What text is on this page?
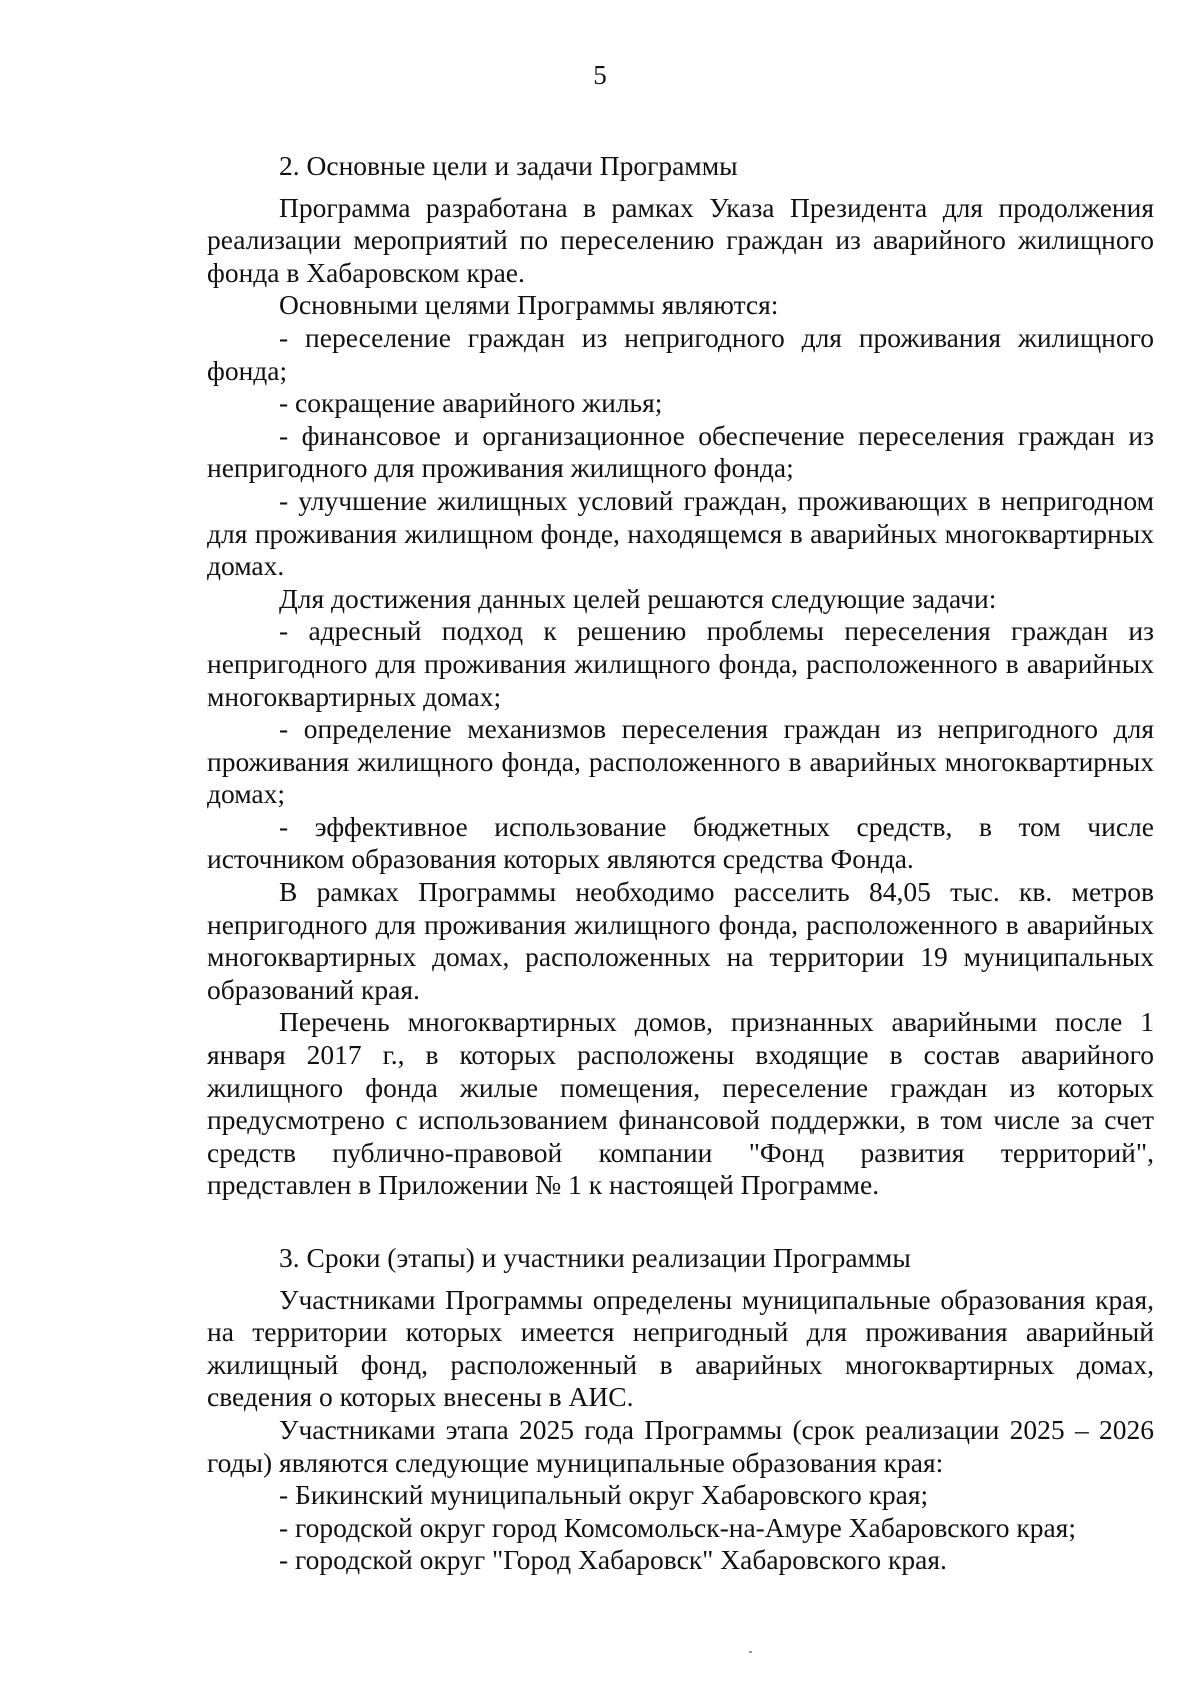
5

2. Основные цели и задачи Программы

Программа разработана в рамках Указа Президента для продолжения реализации мероприятий по переселению граждан из аварийного жилищного фонда в Хабаровском крае.

Основными целями Программы являются:

- переселение граждан из непригодного для проживания жилищного фонда;

- сокращение аварийного жилья;

- финансовое и организационное обеспечение переселения граждан из непригодного для проживания жилищного фонда;

- улучшение жилищных условий граждан, проживающих в непригодном для проживания жилищном фонде, находящемся в аварийных многоквартирных домах.

Для достижения данных целей решаются следующие задачи:

- адресный подход к решению проблемы переселения граждан из непригодного для проживания жилищного фонда, расположенного в аварийных многоквартирных домах;

- определение механизмов переселения граждан из непригодного для проживания жилищного фонда, расположенного в аварийных многоквартирных домах;

- эффективное использование бюджетных средств, в том числе источником образования которых являются средства Фонда.

В рамках Программы необходимо расселить 84,05 тыс. кв. метров непригодного для проживания жилищного фонда, расположенного в аварийных многоквартирных домах, расположенных на территории 19 муниципальных образований края.

Перечень многоквартирных домов, признанных аварийными после 1 января 2017 г., в которых расположены входящие в состав аварийного жилищного фонда жилые помещения, переселение граждан из которых предусмотрено с использованием финансовой поддержки, в том числе за счет средств публично-правовой компании "Фонд развития территорий", представлен в Приложении № 1 к настоящей Программе.

3. Сроки (этапы) и участники реализации Программы

Участниками Программы определены муниципальные образования края, на территории которых имеется непригодный для проживания аварийный жилищный фонд, расположенный в аварийных многоквартирных домах, сведения о которых внесены в АИС.

Участниками этапа 2025 года Программы (срок реализации 2025 – 2026 годы) являются следующие муниципальные образования края:

- Бикинский муниципальный округ Хабаровского края;

- городской округ город Комсомольск-на-Амуре Хабаровского края;

- городской округ "Город Хабаровск" Хабаровского края.
